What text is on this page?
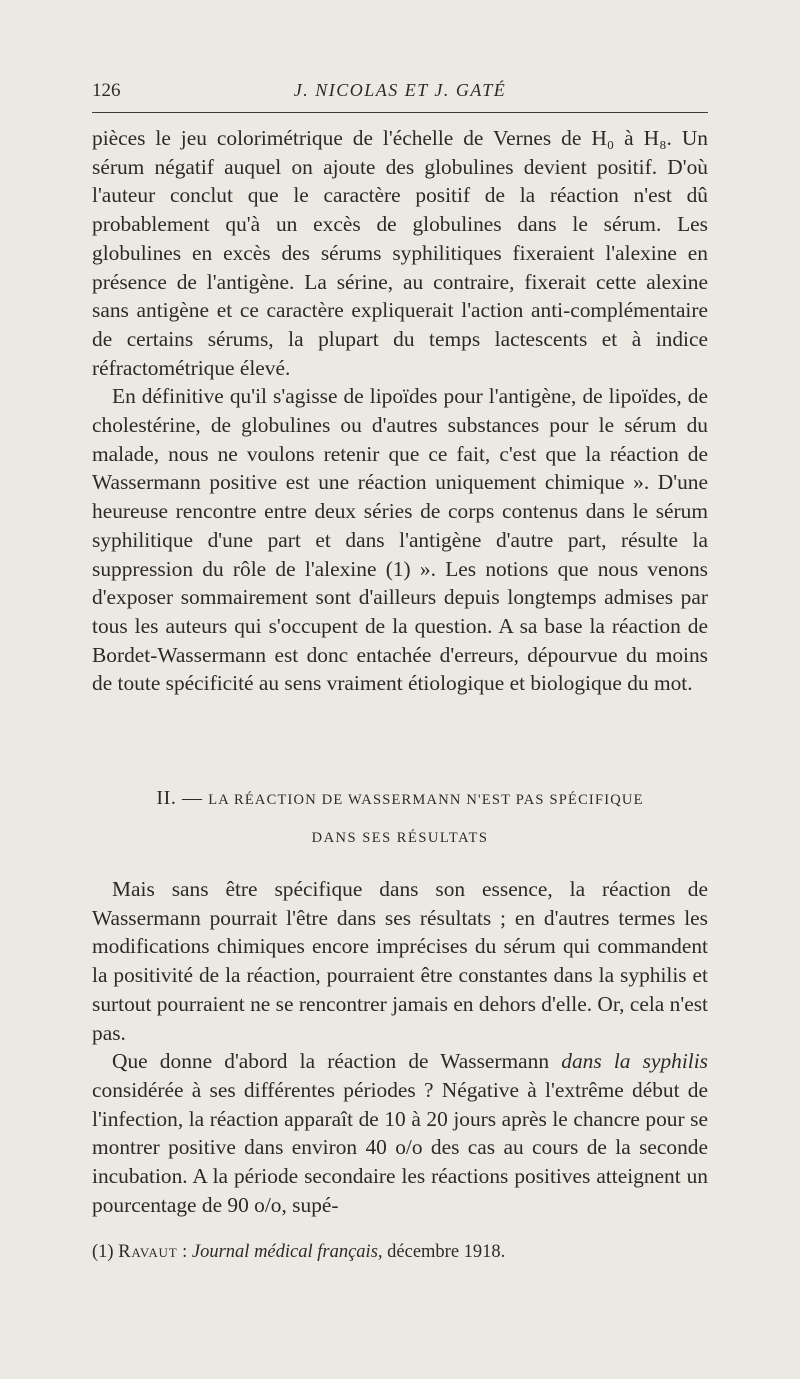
126	J. NICOLAS ET J. GATÉ

pièces le jeu colorimétrique de l'échelle de Vernes de H₀ à H₈. Un sérum négatif auquel on ajoute des globulines devient positif. D'où l'auteur conclut que le caractère positif de la réaction n'est dû probablement qu'à un excès de globulines dans le sérum. Les globulines en excès des sérums syphilitiques fixeraient l'alexine en présence de l'antigène. La sérine, au contraire, fixerait cette alexine sans antigène et ce caractère expliquerait l'action anti-complémentaire de certains sérums, la plupart du temps lactescents et à indice réfractométrique élevé.

En définitive qu'il s'agisse de lipoïdes pour l'antigène, de lipoïdes, de cholestérine, de globulines ou d'autres substances pour le sérum du malade, nous ne voulons retenir que ce fait, c'est que la réaction de Wassermann positive est une réaction uniquement chimique ». D'une heureuse rencontre entre deux séries de corps contenus dans le sérum syphilitique d'une part et dans l'antigène d'autre part, résulte la suppression du rôle de l'alexine (1) ». Les notions que nous venons d'exposer sommairement sont d'ailleurs depuis longtemps admises par tous les auteurs qui s'occupent de la question. A sa base la réaction de Bordet-Wassermann est donc entachée d'erreurs, dépourvue du moins de toute spécificité au sens vraiment étiologique et biologique du mot.

II. — LA RÉACTION DE WASSERMANN N'EST PAS SPÉCIFIQUE

DANS SES RÉSULTATS

Mais sans être spécifique dans son essence, la réaction de Wassermann pourrait l'être dans ses résultats ; en d'autres termes les modifications chimiques encore imprécises du sérum qui commandent la positivité de la réaction, pourraient être constantes dans la syphilis et surtout pourraient ne se rencontrer jamais en dehors d'elle. Or, cela n'est pas.

Que donne d'abord la réaction de Wassermann dans la syphilis considérée à ses différentes périodes ? Négative à l'extrême début de l'infection, la réaction apparaît de 10 à 20 jours après le chancre pour se montrer positive dans environ 40 o/o des cas au cours de la seconde incubation. A la période secondaire les réactions positives atteignent un pourcentage de 90 o/o, supé-

(1) Ravaut : Journal médical français, décembre 1918.
